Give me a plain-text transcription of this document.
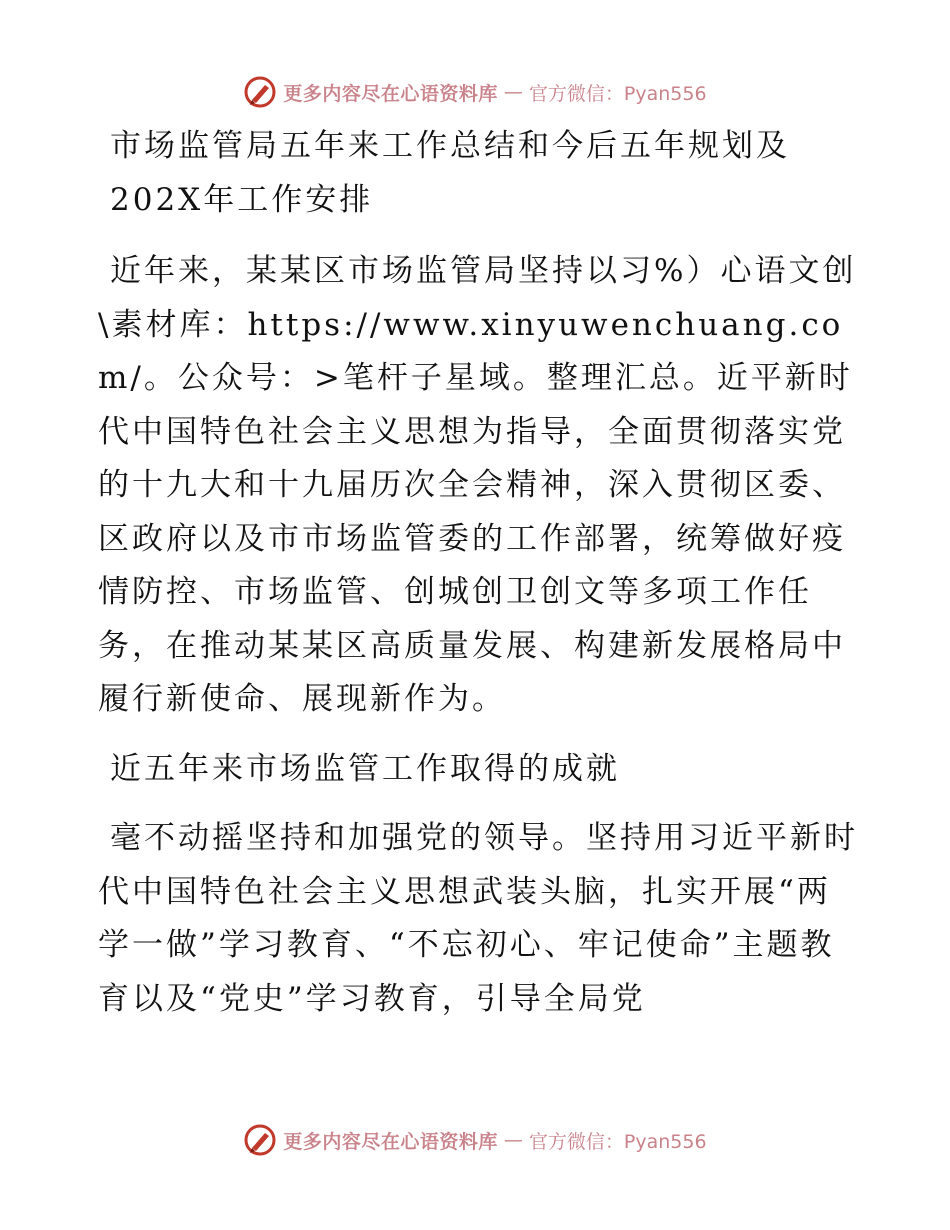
更多内容尽在心语资料库 — 官方微信：Pyan556

市场监管局五年来工作总结和今后五年规划及
202X年工作安排

近年来，某某区市场监管局坚持以习%）心语文创\素材库：https://www.xinyuwenchuang.com/。公众号：>笔杆子星域。整理汇总。近平新时代中国特色社会主义思想为指导，全面贯彻落实党的十九大和十九届历次全会精神，深入贯彻区委、区政府以及市市场监管委的工作部署，统筹做好疫情防控、市场监管、创城创卫创文等多项工作任务，在推动某某区高质量发展、构建新发展格局中履行新使命、展现新作为。

近五年来市场监管工作取得的成就

毫不动摇坚持和加强党的领导。坚持用习近平新时代中国特色社会主义思想武装头脑，扎实开展“两学一做”学习教育、“不忘初心、牢记使命”主题教育以及“党史”学习教育，引导全局党

更多内容尽在心语资料库 — 官方微信：Pyan556
